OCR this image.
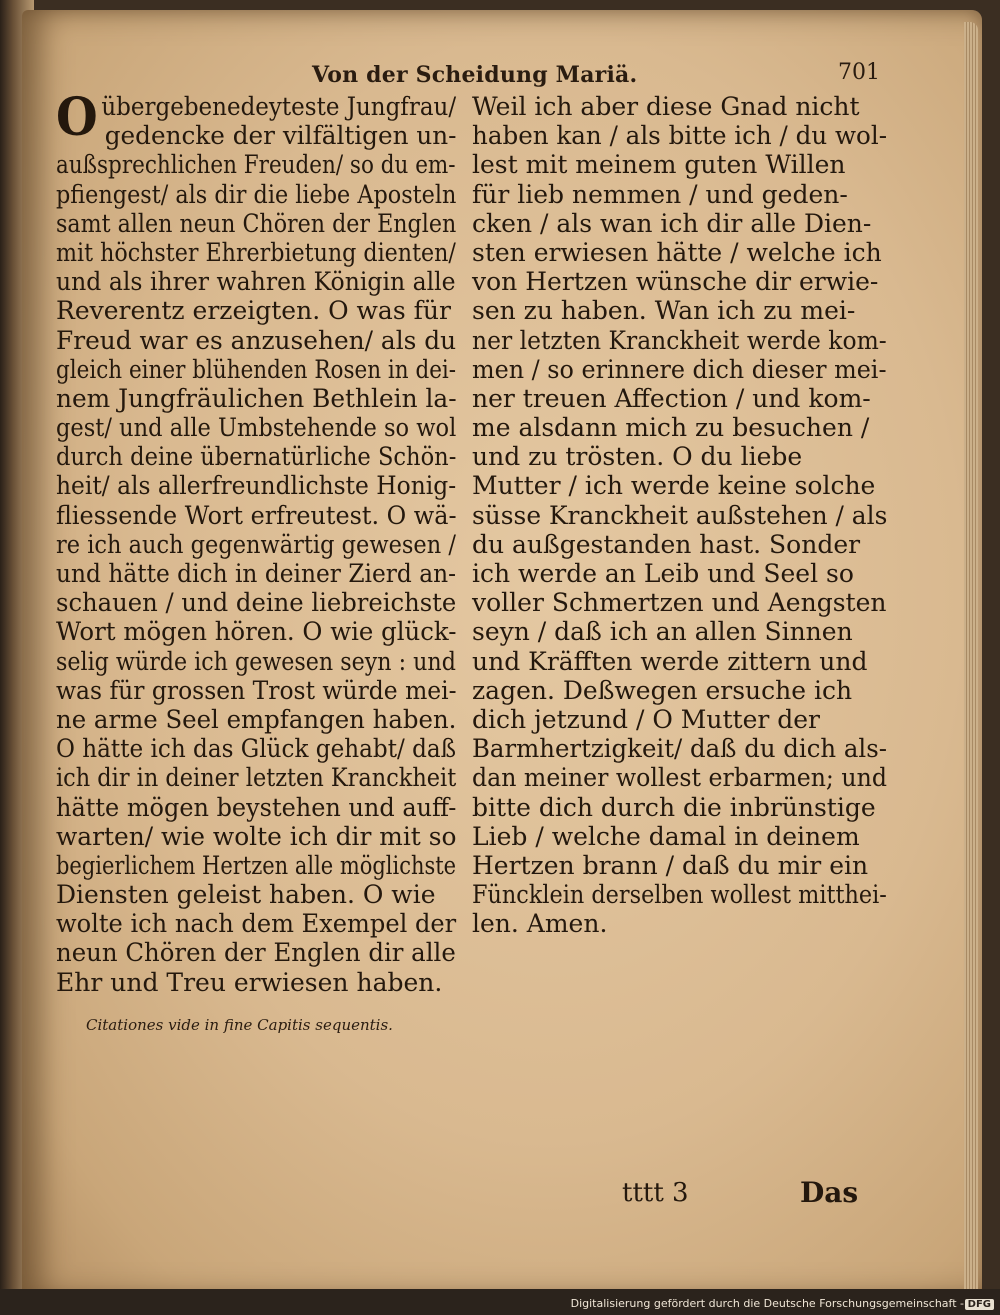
Von der Scheidung Mariä.	701
Oübergebenedeyteste Jungfrau/
gedencke der vilfältigen un-
außsprechlichen Freuden/ so du em-
pfiengest/ als dir die liebe Aposteln
samt allen neun Chören der Englen
mit höchster Ehrerbietung dienten/
und als ihrer wahren Königin alle
Reverentz erzeigten. O was für
Freud war es anzusehen/ als du
gleich einer blühenden Rosen in dei-
nem Jungfräulichen Bethlein la-
gest/ und alle Umbstehende so wol
durch deine übernatürliche Schön-
heit/ als allerfreundlichste Honig-
fliessende Wort erfreutest. O wä-
re ich auch gegenwärtig gewesen /
und hätte dich in deiner Zierd an-
schauen / und deine liebreichste
Wort mögen hören. O wie glück-
selig würde ich gewesen seyn : und
was für grossen Trost würde mei-
ne arme Seel empfangen haben.
O hätte ich das Glück gehabt/ daß
ich dir in deiner letzten Kranckheit
hätte mögen beystehen und auff-
warten/ wie wolte ich dir mit so
begierlichem Hertzen alle möglichste
Diensten geleist haben. O wie
wolte ich nach dem Exempel der
neun Chören der Englen dir alle
Ehr und Treu erwiesen haben.
Weil ich aber diese Gnad nicht
haben kan / als bitte ich / du wol-
lest mit meinem guten Willen
für lieb nemmen / und geden-
cken / als wan ich dir alle Dien-
sten erwiesen hätte / welche ich
von Hertzen wünsche dir erwie-
sen zu haben. Wan ich zu mei-
ner letzten Kranckheit werde kom-
men / so erinnere dich dieser mei-
ner treuen Affection / und kom-
me alsdann mich zu besuchen /
und zu trösten. O du liebe
Mutter / ich werde keine solche
süsse Kranckheit außstehen / als
du außgestanden hast. Sonder
ich werde an Leib und Seel so
voller Schmertzen und Aengsten
seyn / daß ich an allen Sinnen
und Kräfften werde zittern und
zagen. Deßwegen ersuche ich
dich jetzund / O Mutter der
Barmhertzigkeit/ daß du dich als-
dan meiner wollest erbarmen; und
bitte dich durch die inbrünstige
Lieb / welche damal in deinem
Hertzen brann / daß du mir ein
Füncklein derselben wollest mitthei-
len. Amen.
Citationes vide in fine Capitis sequentis.
tttt 3	Das
Digitalisierung gefördert durch die Deutsche Forschungsgemeinschaft - DFG
